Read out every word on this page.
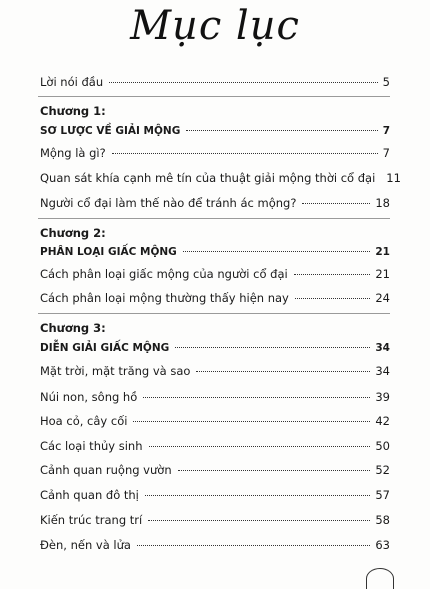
Mục lục
Lời nói đầu	5
Chương 1:
SƠ LƯỢC VỀ GIẢI MỘNG	7
Mộng là gì?	7
Quan sát khía cạnh mê tín của thuật giải mộng thời cổ đại 11
Người cổ đại làm thế nào để tránh ác mộng?	18
Chương 2:
PHÂN LOẠI GIẤC MỘNG	21
Cách phân loại giấc mộng của người cổ đại	21
Cách phân loại mộng thường thấy hiện nay	24
Chương 3:
DIỄN GIẢI GIẤC MỘNG	34
Mặt trời, mặt trăng và sao	34
Núi non, sông hồ	39
Hoa cỏ, cây cối	42
Các loại thủy sinh	50
Cảnh quan ruộng vườn	52
Cảnh quan đô thị	57
Kiến trúc trang trí	58
Đèn, nến và lửa	63
